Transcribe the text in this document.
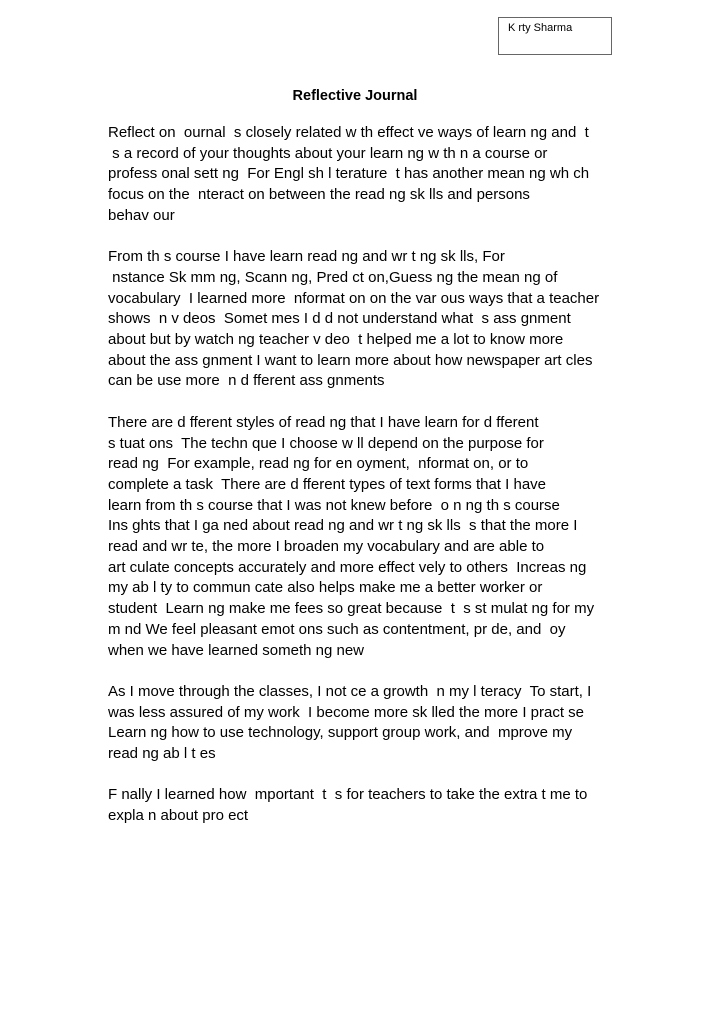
K rty Sharma
Reflective Journal
Reflect on  ournal  s closely related w th effect ve ways of learn ng and  t
s a record of your thoughts about your learn ng w th n a course or
profess onal sett ng  For Engl sh l terature  t has another mean ng wh ch
focus on the  nteract on between the read ng sk lls and persons
behav our
From th s course I have learn read ng and wr t ng sk lls, For
nstance Sk mm ng, Scann ng, Pred ct on,Guess ng the mean ng of
vocabulary  I learned more  nformat on on the var ous ways that a teacher
shows  n v deos  Somet mes I d d not understand what  s ass gnment
about but by watch ng teacher v deo  t helped me a lot to know more
about the ass gnment I want to learn more about how newspaper art cles
can be use more  n d fferent ass gnments
There are d fferent styles of read ng that I have learn for d fferent
s tuat ons  The techn que I choose w ll depend on the purpose for
read ng  For example, read ng for en oyment,  nformat on, or to
complete a task  There are d fferent types of text forms that I have
learn from th s course that I was not knew before  o n ng th s course
Ins ghts that I ga ned about read ng and wr t ng sk lls  s that the more I
read and wr te, the more I broaden my vocabulary and are able to
art culate concepts accurately and more effect vely to others  Increas ng
my ab l ty to commun cate also helps make me a better worker or
student  Learn ng make me fees so great because  t  s st mulat ng for my
m nd We feel pleasant emot ons such as contentment, pr de, and  oy
when we have learned someth ng new
As I move through the classes, I not ce a growth  n my l teracy  To start, I
was less assured of my work  I become more sk lled the more I pract se
Learn ng how to use technology, support group work, and  mprove my
read ng ab l t es
F nally I learned how  mportant  t  s for teachers to take the extra t me to
expla n about pro ect
